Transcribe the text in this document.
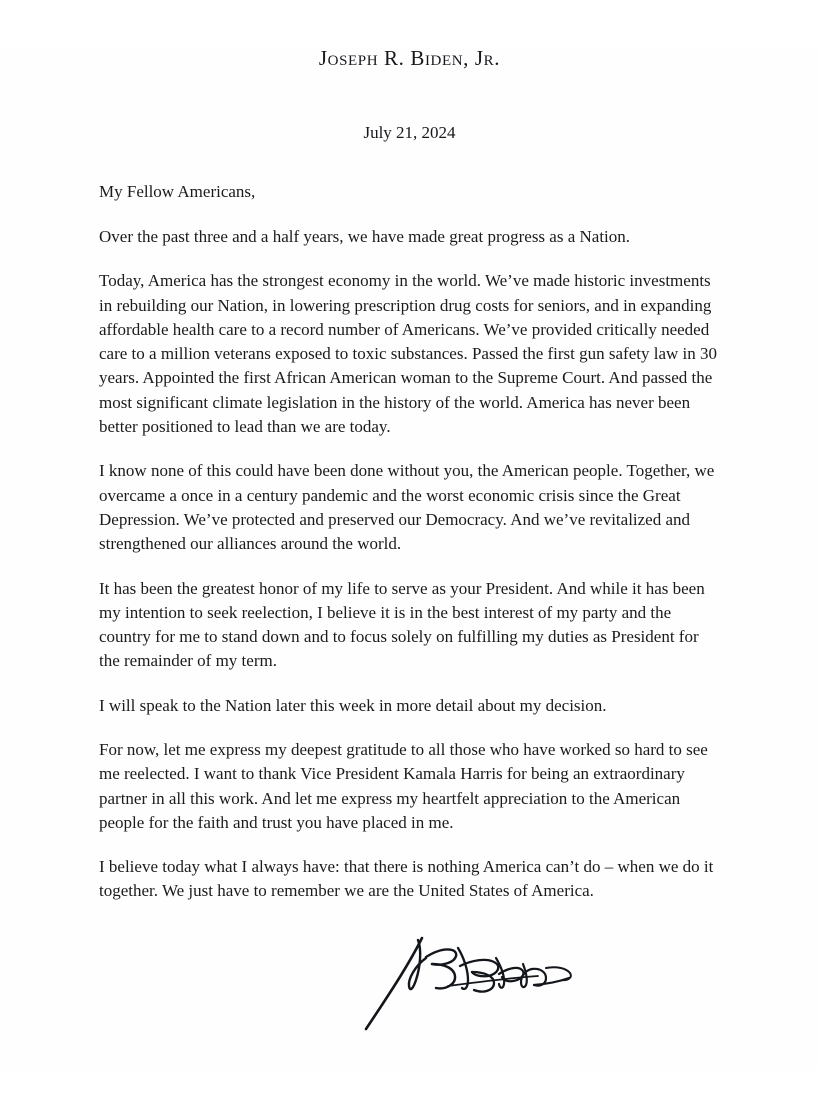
Joseph R. Biden, Jr.
July 21, 2024
My Fellow Americans,

Over the past three and a half years, we have made great progress as a Nation.

Today, America has the strongest economy in the world. We’ve made historic investments in rebuilding our Nation, in lowering prescription drug costs for seniors, and in expanding affordable health care to a record number of Americans. We’ve provided critically needed care to a million veterans exposed to toxic substances. Passed the first gun safety law in 30 years. Appointed the first African American woman to the Supreme Court. And passed the most significant climate legislation in the history of the world. America has never been better positioned to lead than we are today.

I know none of this could have been done without you, the American people. Together, we overcame a once in a century pandemic and the worst economic crisis since the Great Depression. We’ve protected and preserved our Democracy. And we’ve revitalized and strengthened our alliances around the world.

It has been the greatest honor of my life to serve as your President. And while it has been my intention to seek reelection, I believe it is in the best interest of my party and the country for me to stand down and to focus solely on fulfilling my duties as President for the remainder of my term.

I will speak to the Nation later this week in more detail about my decision.

For now, let me express my deepest gratitude to all those who have worked so hard to see me reelected. I want to thank Vice President Kamala Harris for being an extraordinary partner in all this work. And let me express my heartfelt appreciation to the American people for the faith and trust you have placed in me.

I believe today what I always have: that there is nothing America can’t do – when we do it together. We just have to remember we are the United States of America.
